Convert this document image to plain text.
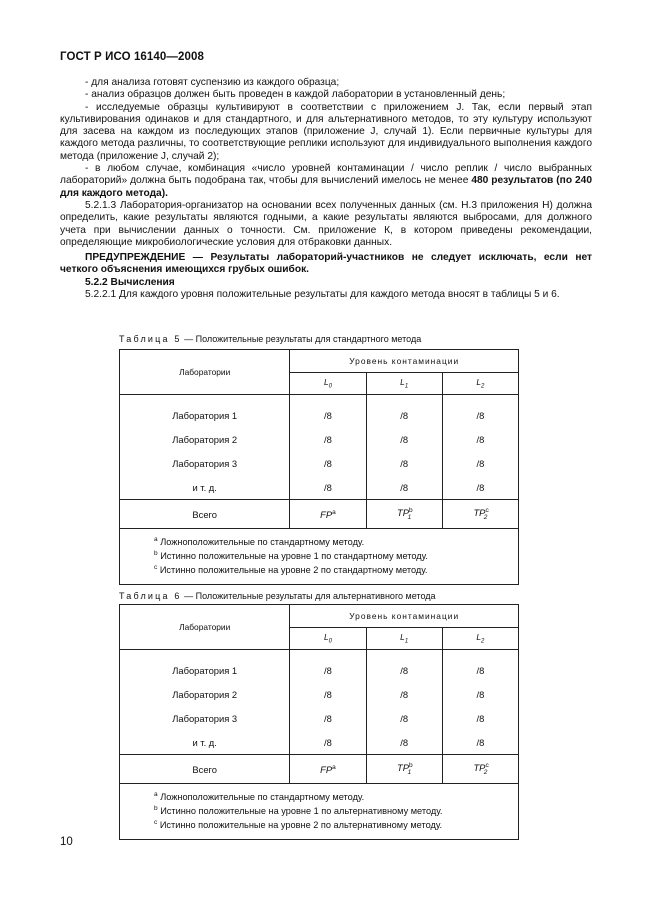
ГОСТ Р ИСО 16140—2008

- для анализа готовят суспензию из каждого образца;

- анализ образцов должен быть проведен в каждой лаборатории в установленный день;

- исследуемые образцы культивируют в соответствии с приложением J. Так, если первый этап культивирования одинаков и для стандартного, и для альтернативного методов, то эту культуру используют для засева на каждом из последующих этапов (приложение J, случай 1). Если первичные культуры для каждого метода различны, то соответствующие реплики используют для индивидуального выполнения каждого метода (приложение J, случай 2);

- в любом случае, комбинация «число уровней контаминации / число реплик / число выбранных лабораторий» должна быть подобрана так, чтобы для вычислений имелось не менее 480 результатов (по 240 для каждого метода).

5.2.1.3 Лаборатория-организатор на основании всех полученных данных (см. Н.3 приложения Н) должна определить, какие результаты являются годными, а какие результаты являются выбросами, для должного учета при вычислении данных о точности. См. приложение К, в котором приведены рекомендации, определяющие микробиологические условия для отбраковки данных.

ПРЕДУПРЕЖДЕНИЕ — Результаты лабораторий-участников не следует исключать, если нет четкого объяснения имеющихся грубых ошибок.

5.2.2 Вычисления

5.2.2.1 Для каждого уровня положительные результаты для каждого метода вносят в таблицы 5 и 6.

Таблица 5 — Положительные результаты для стандартного метода
Лаборатории	Уровень контаминации		
	$L_0$	$L_1$	$L_2$

Лаборатория 1	/8	/8	/8
Лаборатория 2	/8	/8	/8
Лаборатория 3	/8	/8	/8
и т. д.	/8	/8	/8
Всего	$FP^a$	$TP^b_1$	$TP^c_2$

$^a$ Ложноположительные по стандартному методу.
$^b$ Истинно положительные на уровне 1 по стандартному методу.
$^c$ Истинно положительные на уровне 2 по стандартному методу.			
Таблица 6 — Положительные результаты для альтернативного метода
Лаборатории	Уровень контаминации		
	$L_0$	$L_1$	$L_2$

Лаборатория 1	/8	/8	/8
Лаборатория 2	/8	/8	/8
Лаборатория 3	/8	/8	/8
и т. д.	/8	/8	/8
Всего	$FP^a$	$TP^b_1$	$TP^c_2$

$^a$ Ложноположительные по стандартному методу.
$^b$ Истинно положительные на уровне 1 по альтернативному методу.
$^c$ Истинно положительные на уровне 2 по альтернативному методу.			
10
